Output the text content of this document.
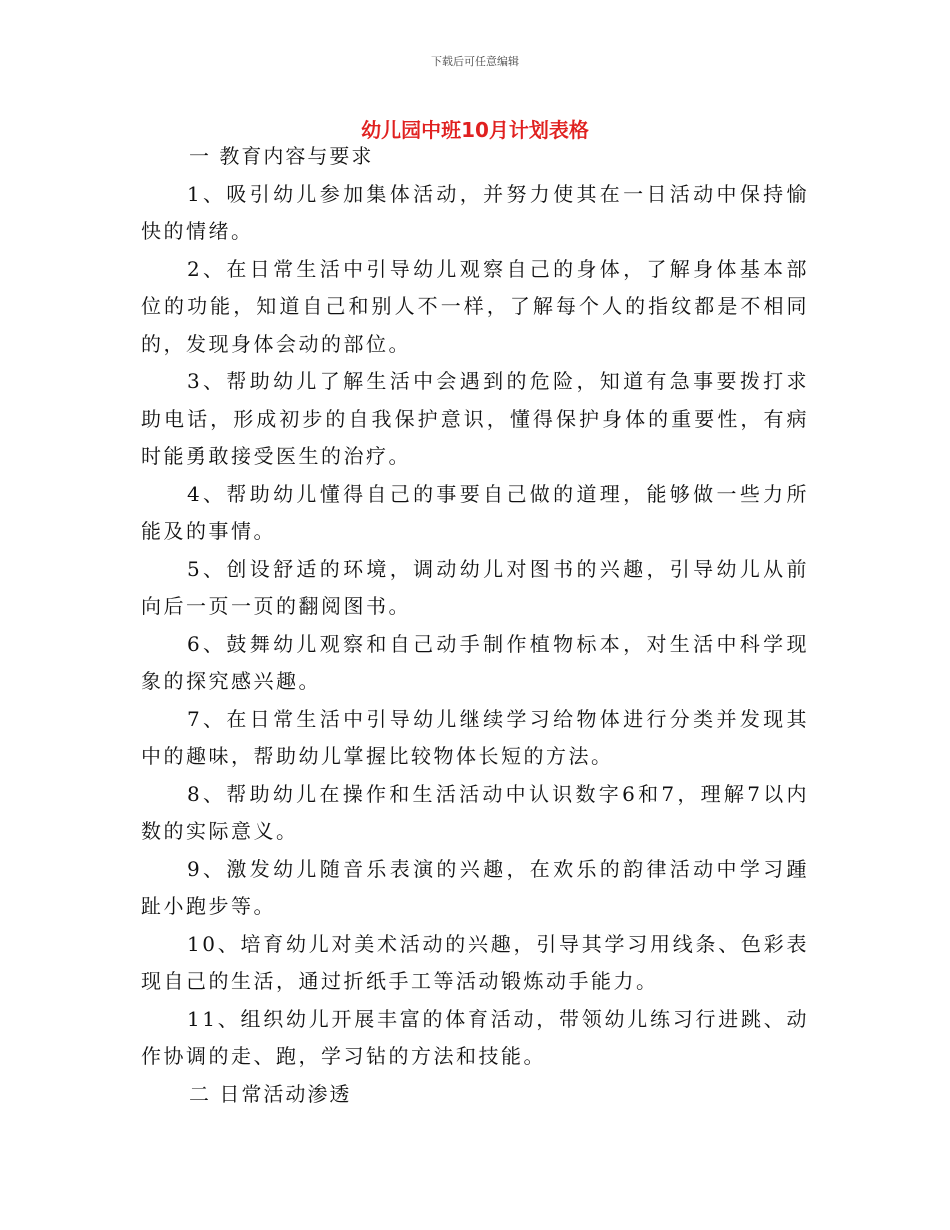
下载后可任意编辑
幼儿园中班10月计划表格

一 教育内容与要求

1、吸引幼儿参加集体活动，并努力使其在一日活动中保持愉快的情绪。

2、在日常生活中引导幼儿观察自己的身体，了解身体基本部位的功能，知道自己和别人不一样，了解每个人的指纹都是不相同的，发现身体会动的部位。

3、帮助幼儿了解生活中会遇到的危险，知道有急事要拨打求助电话，形成初步的自我保护意识，懂得保护身体的重要性，有病时能勇敢接受医生的治疗。

4、帮助幼儿懂得自己的事要自己做的道理，能够做一些力所能及的事情。

5、创设舒适的环境，调动幼儿对图书的兴趣，引导幼儿从前向后一页一页的翻阅图书。

6、鼓舞幼儿观察和自己动手制作植物标本，对生活中科学现象的探究感兴趣。

7、在日常生活中引导幼儿继续学习给物体进行分类并发现其中的趣味，帮助幼儿掌握比较物体长短的方法。

8、帮助幼儿在操作和生活活动中认识数字6和7，理解7以内数的实际意义。

9、激发幼儿随音乐表演的兴趣，在欢乐的韵律活动中学习踵趾小跑步等。

10、培育幼儿对美术活动的兴趣，引导其学习用线条、色彩表现自己的生活，通过折纸手工等活动锻炼动手能力。

11、组织幼儿开展丰富的体育活动，带领幼儿练习行进跳、动作协调的走、跑，学习钻的方法和技能。

二 日常活动渗透
